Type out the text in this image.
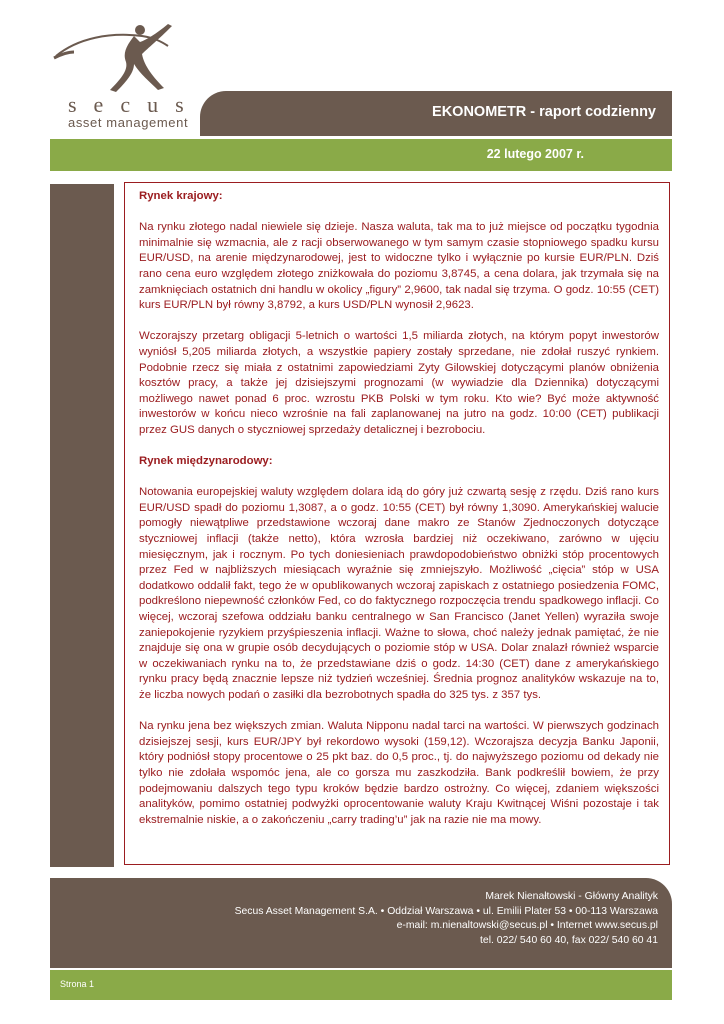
secus
asset management
EKONOMETR - raport codzienny
22 lutego 2007 r.

Rynek krajowy:

Na rynku złotego nadal niewiele się dzieje. Nasza waluta, tak ma to już miejsce od początku tygodnia minimalnie się wzmacnia, ale z racji obserwowanego w tym samym czasie stopniowego spadku kursu EUR/USD, na arenie międzynarodowej, jest to widoczne tylko i wyłącznie po kursie EUR/PLN. Dziś rano cena euro względem złotego zniżkowała do poziomu 3,8745, a cena dolara, jak trzymała się na zamknięciach ostatnich dni handlu w okolicy „figury” 2,9600, tak nadal się trzyma. O godz. 10:55 (CET) kurs EUR/PLN był równy 3,8792, a kurs USD/PLN wynosił 2,9623.

Wczorajszy przetarg obligacji 5-letnich o wartości 1,5 miliarda złotych, na którym popyt inwestorów wyniósł 5,205 miliarda złotych, a wszystkie papiery zostały sprzedane, nie zdołał ruszyć rynkiem. Podobnie rzecz się miała z ostatnimi zapowiedziami Zyty Gilowskiej dotyczącymi planów obniżenia kosztów pracy, a także jej dzisiejszymi prognozami (w wywiadzie dla Dziennika) dotyczącymi możliwego nawet ponad 6 proc. wzrostu PKB Polski w tym roku. Kto wie? Być może aktywność inwestorów w końcu nieco wzrośnie na fali zaplanowanej na jutro na godz. 10:00 (CET) publikacji przez GUS danych o styczniowej sprzedaży detalicznej i bezrobociu.

Rynek międzynarodowy:

Notowania europejskiej waluty względem dolara idą do góry już czwartą sesję z rzędu. Dziś rano kurs EUR/USD spadł do poziomu 1,3087, a o godz. 10:55 (CET) był równy 1,3090. Amerykańskiej walucie pomogły niewątpliwe przedstawione wczoraj dane makro ze Stanów Zjednoczonych dotyczące styczniowej inflacji (także netto), która wzrosła bardziej niż oczekiwano, zarówno w ujęciu miesięcznym, jak i rocznym. Po tych doniesieniach prawdopodobieństwo obniżki stóp procentowych przez Fed w najbliższych miesiącach wyraźnie się zmniejszyło. Możliwość „cięcia” stóp w USA dodatkowo oddalił fakt, tego że w opublikowanych wczoraj zapiskach z ostatniego posiedzenia FOMC, podkreślono niepewność członków Fed, co do faktycznego rozpoczęcia trendu spadkowego inflacji. Co więcej, wczoraj szefowa oddziału banku centralnego w San Francisco (Janet Yellen) wyraziła swoje zaniepokojenie ryzykiem przyśpieszenia inflacji. Ważne to słowa, choć należy jednak pamiętać, że nie znajduje się ona w grupie osób decydujących o poziomie stóp w USA. Dolar znalazł również wsparcie w oczekiwaniach rynku na to, że przedstawiane dziś o godz. 14:30 (CET) dane z amerykańskiego rynku pracy będą znacznie lepsze niż tydzień wcześniej. Średnia prognoz analityków wskazuje na to, że liczba nowych podań o zasiłki dla bezrobotnych spadła do 325 tys. z 357 tys.

Na rynku jena bez większych zmian. Waluta Nipponu nadal tarci na wartości. W pierwszych godzinach dzisiejszej sesji, kurs EUR/JPY był rekordowo wysoki (159,12). Wczorajsza decyzja Banku Japonii, który podniósł stopy procentowe o 25 pkt baz. do 0,5 proc., tj. do najwyższego poziomu od dekady nie tylko nie zdołała wspomóc jena, ale co gorsza mu zaszkodziła. Bank podkreślił bowiem, że przy podejmowaniu dalszych tego typu kroków będzie bardzo ostrożny. Co więcej, zdaniem większości analityków, pomimo ostatniej podwyżki oprocentowanie waluty Kraju Kwitnącej Wiśni pozostaje i tak ekstremalnie niskie, a o zakończeniu „carry trading’u” jak na razie nie ma mowy.

Marek Nienałtowski - Główny Analityk
Secus Asset Management S.A. • Oddział Warszawa • ul. Emilii Plater 53 • 00-113 Warszawa
e-mail: m.nienaltowski@secus.pl • Internet www.secus.pl
tel. 022/ 540 60 40, fax 022/ 540 60 41
Strona 1
